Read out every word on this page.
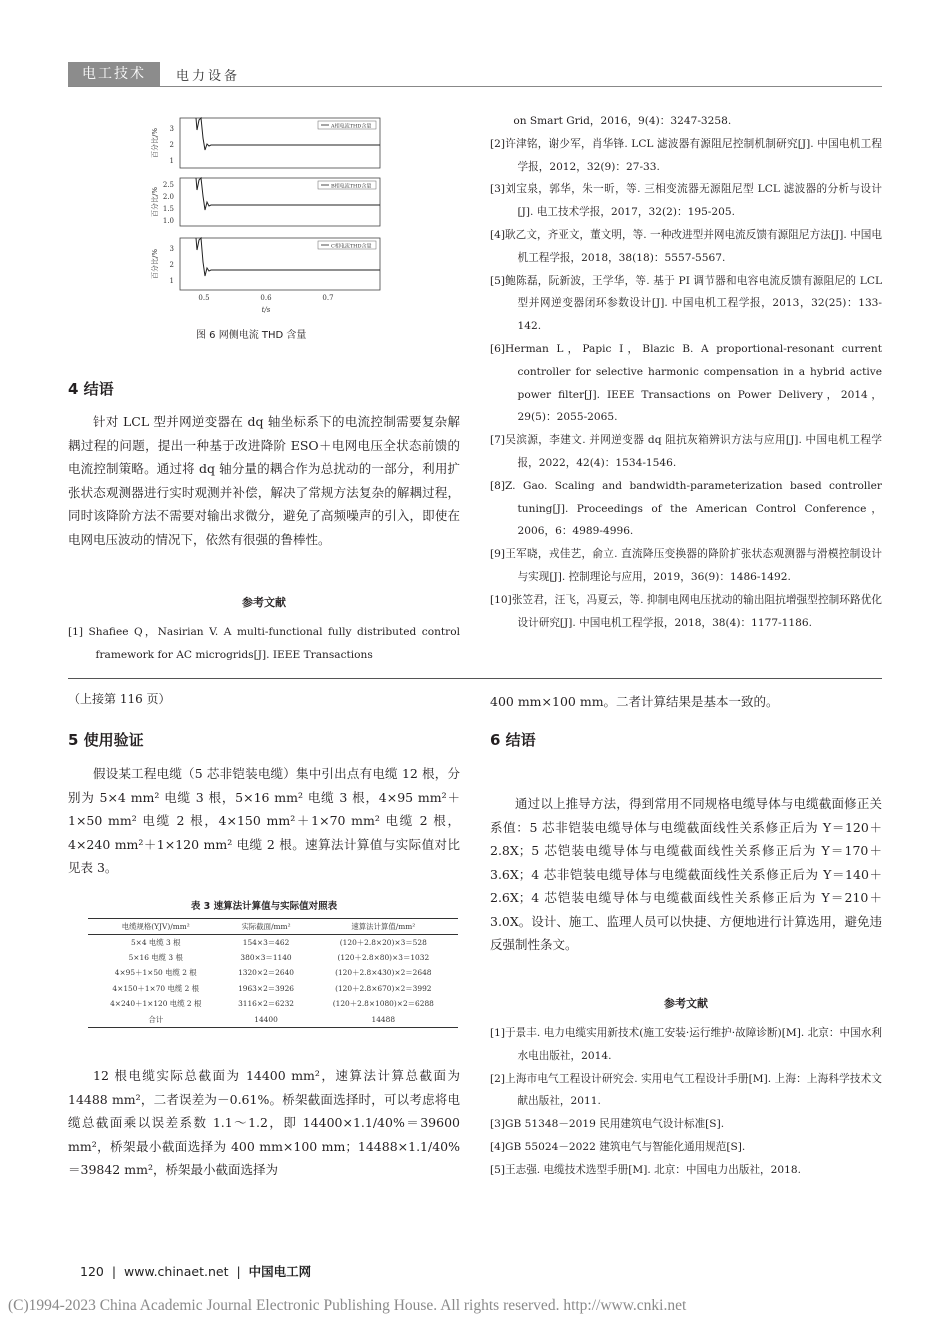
电工技术	电力设备
3
2
1
A相电流THD含量
百分比/%
2.5
2.0
1.5
1.0
B相电流THD含量
百分比/%
3
2
1
C相电流THD含量
百分比/%
0.5	0.6	0.7
t/s
图 6 网侧电流 THD 含量
4 结语

针对 LCL 型并网逆变器在 dq 轴坐标系下的电流控制需要复杂解耦过程的问题，提出一种基于改进降阶 ESO＋电网电压全状态前馈的电流控制策略。通过将 dq 轴分量的耦合作为总扰动的一部分，利用扩张状态观测器进行实时观测并补偿，解决了常规方法复杂的解耦过程，同时该降阶方法不需要对输出求微分，避免了高频噪声的引入，即使在电网电压波动的情况下，依然有很强的鲁棒性。

参考文献
[1] Shafiee Q，Nasirian V. A multi-functional fully distributed control framework for AC microgrids[J]. IEEE Transactions
on Smart Grid，2016，9(4)：3247-3258.
[2]许津铭，谢少军，肖华锋. LCL 滤波器有源阻尼控制机制研究[J]. 中国电机工程学报，2012，32(9)：27-33.
[3]刘宝泉，郭华，朱一昕，等. 三相变流器无源阻尼型 LCL 滤波器的分析与设计[J]. 电工技术学报，2017，32(2)：195-205.
[4]耿乙文，齐亚文，董文明，等. 一种改进型并网电流反馈有源阻尼方法[J]. 中国电机工程学报，2018，38(18)：5557-5567.
[5]鲍陈磊，阮新波，王学华，等. 基于 PI 调节器和电容电流反馈有源阻尼的 LCL 型并网逆变器闭环参数设计[J]. 中国电机工程学报，2013，32(25)：133-142.
[6]Herman L，Papic I，Blazic B. A proportional-resonant current controller for selective harmonic compensation in a hybrid active power filter[J]. IEEE Transactions on Power Delivery，2014，29(5)：2055-2065.
[7]吴滨源，李建文. 并网逆变器 dq 阻抗灰箱辨识方法与应用[J]. 中国电机工程学报，2022，42(4)：1534-1546.
[8]Z. Gao. Scaling and bandwidth-parameterization based controller tuning[J]. Proceedings of the American Control Conference，2006，6：4989-4996.
[9]王军晓，戎佳艺，俞立. 直流降压变换器的降阶扩张状态观测器与滑模控制设计与实现[J]. 控制理论与应用，2019，36(9)：1486-1492.
[10]张笠君，汪飞，冯夏云，等. 抑制电网电压扰动的输出阻抗增强型控制环路优化设计研究[J]. 中国电机工程学报，2018，38(4)：1177-1186.
（上接第 116 页）
5 使用验证

假设某工程电缆（5 芯非铠装电缆）集中引出点有电缆 12 根，分别为 5×4 mm² 电缆 3 根，5×16 mm² 电缆 3 根，4×95 mm²＋1×50 mm² 电缆 2 根，4×150 mm²＋1×70 mm² 电缆 2 根，4×240 mm²＋1×120 mm² 电缆 2 根。速算法计算值与实际值对比见表 3。

表 3 速算法计算值与实际值对照表
电缆规格(YJV)/mm²	实际截面/mm²	速算法计算值/mm²
5×4 电缆 3 根	154×3＝462	(120＋2.8×20)×3＝528
5×16 电缆 3 根	380×3＝1140	(120＋2.8×80)×3＝1032
4×95＋1×50 电缆 2 根	1320×2＝2640	(120＋2.8×430)×2＝2648
4×150＋1×70 电缆 2 根	1963×2＝3926	(120＋2.8×670)×2＝3992
4×240＋1×120 电缆 2 根	3116×2＝6232	(120＋2.8×1080)×2＝6288
合计	14400	14488

12 根电缆实际总截面为 14400 mm²，速算法计算总截面为 14488 mm²，二者误差为－0.61%。桥架截面选择时，可以考虑将电缆总截面乘以误差系数 1.1～1.2，即 14400×1.1/40%＝39600 mm²，桥架最小截面选择为 400 mm×100 mm；14488×1.1/40%＝39842 mm²，桥架最小截面选择为

400 mm×100 mm。二者计算结果是基本一致的。
6 结语

通过以上推导方法，得到常用不同规格电缆导体与电缆截面修正关系值：5 芯非铠装电缆导体与电缆截面线性关系修正后为 Y＝120＋2.8X；5 芯铠装电缆导体与电缆截面线性关系修正后为 Y＝170＋3.6X；4 芯非铠装电缆导体与电缆截面线性关系修正后为 Y＝140＋2.6X；4 芯铠装电缆导体与电缆截面线性关系修正后为 Y＝210＋3.0X。设计、施工、监理人员可以快捷、方便地进行计算选用，避免违反强制性条文。

参考文献
[1]于景丰. 电力电缆实用新技术(施工安装·运行维护·故障诊断)[M]. 北京：中国水利水电出版社，2014.
[2]上海市电气工程设计研究会. 实用电气工程设计手册[M]. 上海：上海科学技术文献出版社，2011.
[3]GB 51348－2019 民用建筑电气设计标准[S].
[4]GB 55024－2022 建筑电气与智能化通用规范[S].
[5]王志强. 电缆技术选型手册[M]. 北京：中国电力出版社，2018.
120 | www.chinaet.net | 中国电工网
(C)1994-2023 China Academic Journal Electronic Publishing House. All rights reserved. http://www.cnki.net
